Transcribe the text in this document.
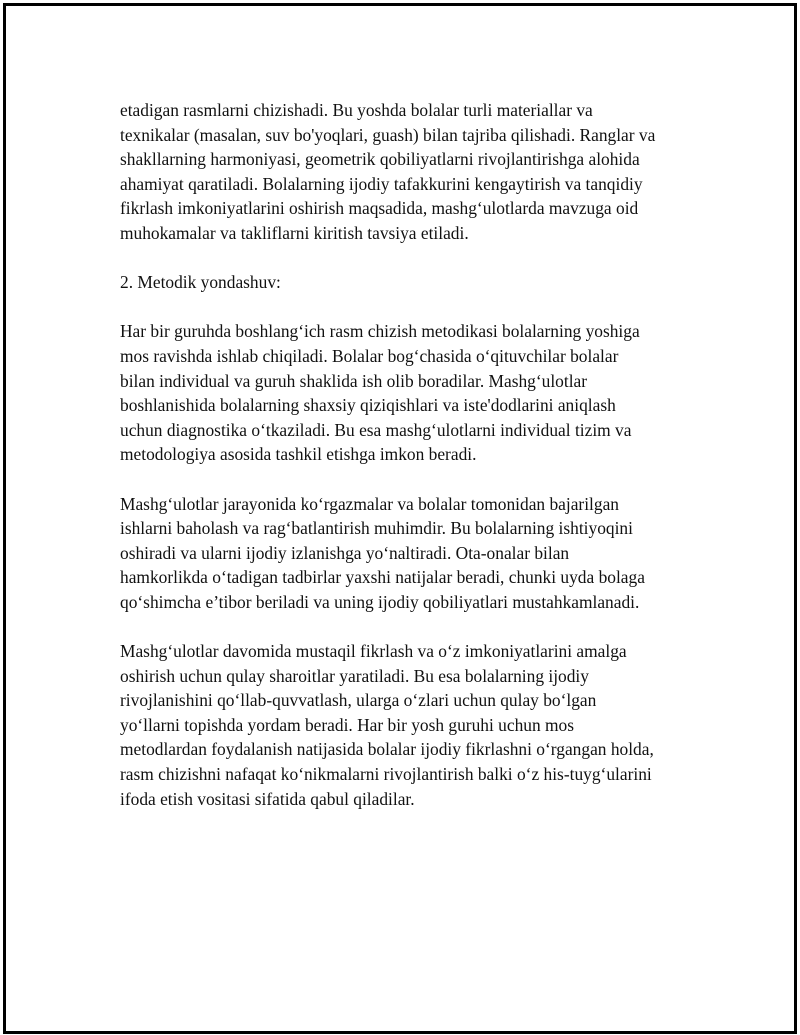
etadigan rasmlarni chizishadi. Bu yoshda bolalar turli materiallar va
texnikalar (masalan, suv bo'yoqlari, guash) bilan tajriba qilishadi. Ranglar va
shakllarning harmoniyasi, geometrik qobiliyatlarni rivojlantirishga alohida
ahamiyat qaratiladi. Bolalarning ijodiy tafakkurini kengaytirish va tanqidiy
fikrlash imkoniyatlarini oshirish maqsadida, mashg‘ulotlarda mavzuga oid
muhokamalar va takliflarni kiritish tavsiya etiladi.

2. Metodik yondashuv:

Har bir guruhda boshlang‘ich rasm chizish metodikasi bolalarning yoshiga
mos ravishda ishlab chiqiladi. Bolalar bog‘chasida o‘qituvchilar bolalar
bilan individual va guruh shaklida ish olib boradilar. Mashg‘ulotlar
boshlanishida bolalarning shaxsiy qiziqishlari va iste'dodlarini aniqlash
uchun diagnostika o‘tkaziladi. Bu esa mashg‘ulotlarni individual tizim va
metodologiya asosida tashkil etishga imkon beradi.

Mashg‘ulotlar jarayonida ko‘rgazmalar va bolalar tomonidan bajarilgan
ishlarni baholash va rag‘batlantirish muhimdir. Bu bolalarning ishtiyoqini
oshiradi va ularni ijodiy izlanishga yo‘naltiradi. Ota-onalar bilan
hamkorlikda o‘tadigan tadbirlar yaxshi natijalar beradi, chunki uyda bolaga
qo‘shimcha e’tibor beriladi va uning ijodiy qobiliyatlari mustahkamlanadi.

Mashg‘ulotlar davomida mustaqil fikrlash va o‘z imkoniyatlarini amalga
oshirish uchun qulay sharoitlar yaratiladi. Bu esa bolalarning ijodiy
rivojlanishini qo‘llab-quvvatlash, ularga o‘zlari uchun qulay bo‘lgan
yo‘llarni topishda yordam beradi. Har bir yosh guruhi uchun mos
metodlardan foydalanish natijasida bolalar ijodiy fikrlashni o‘rgangan holda,
rasm chizishni nafaqat ko‘nikmalarni rivojlantirish balki o‘z his-tuyg‘ularini
ifoda etish vositasi sifatida qabul qiladilar.
